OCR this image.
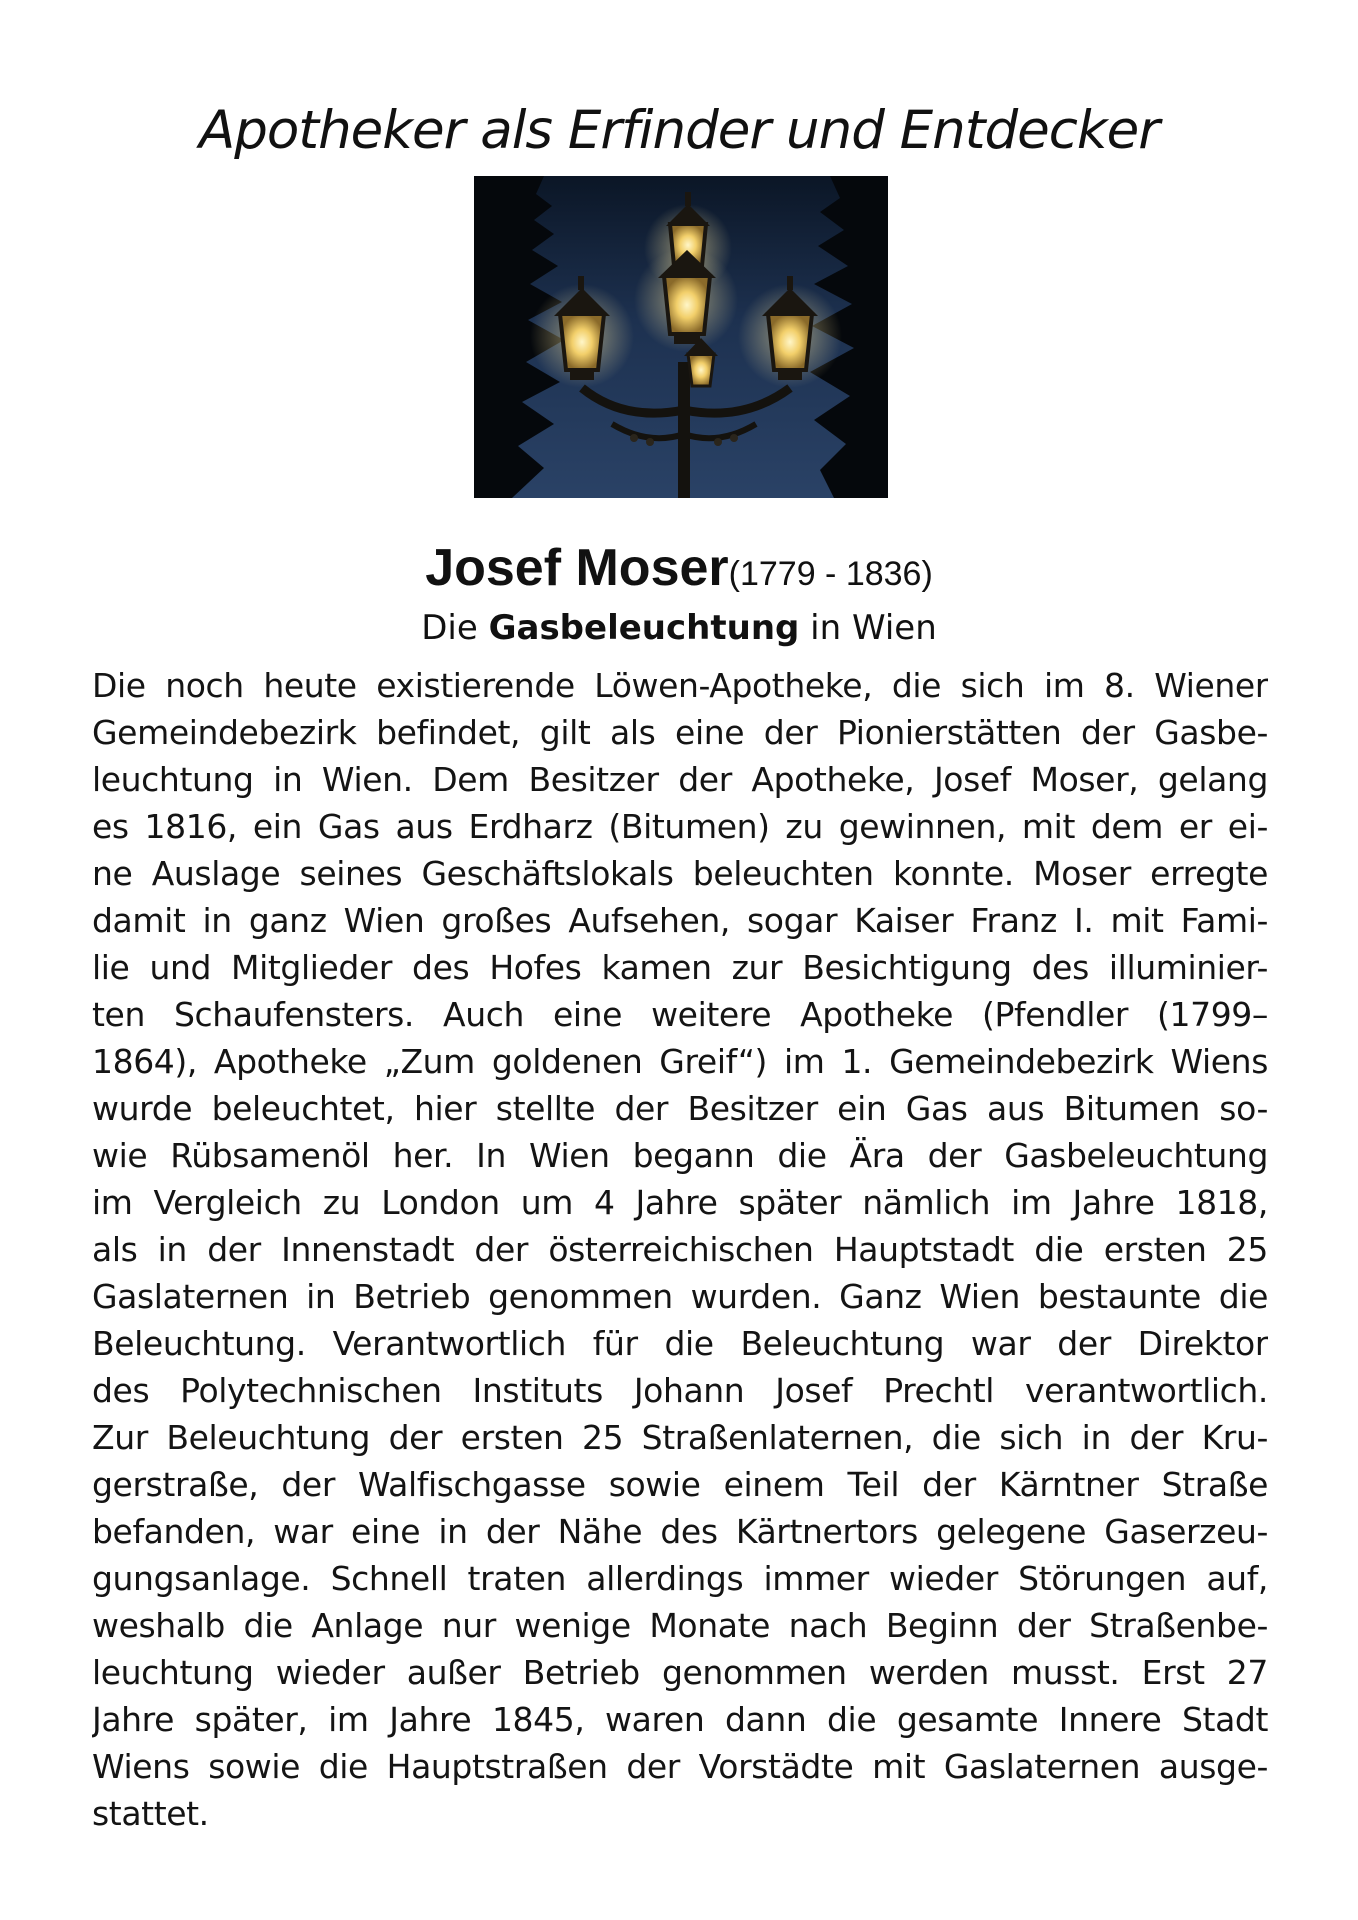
Apotheker als Erfinder und Entdecker
Josef Moser(1779 - 1836)
Die Gasbeleuchtung in Wien
Die noch heute existierende Löwen-Apotheke, die sich im 8. Wiener
Gemeindebezirk befindet, gilt als eine der Pionierstätten der Gasbe-
leuchtung in Wien. Dem Besitzer der Apotheke, Josef Moser, gelang
es 1816, ein Gas aus Erdharz (Bitumen) zu gewinnen, mit dem er ei-
ne Auslage seines Geschäftslokals beleuchten konnte. Moser erregte
damit in ganz Wien großes Aufsehen, sogar Kaiser Franz I. mit Fami-
lie und Mitglieder des Hofes kamen zur Besichtigung des illuminier-
ten Schaufensters. Auch eine weitere Apotheke (Pfendler (1799–
1864), Apotheke „Zum goldenen Greif“) im 1. Gemeindebezirk Wiens
wurde beleuchtet, hier stellte der Besitzer ein Gas aus Bitumen so-
wie Rübsamenöl her. In Wien begann die Ära der Gasbeleuchtung
im Vergleich zu London um 4 Jahre später nämlich im Jahre 1818,
als in der Innenstadt der österreichischen Hauptstadt die ersten 25
Gaslaternen in Betrieb genommen wurden. Ganz Wien bestaunte die
Beleuchtung. Verantwortlich für die Beleuchtung war der Direktor
des Polytechnischen Instituts Johann Josef Prechtl verantwortlich.
Zur Beleuchtung der ersten 25 Straßenlaternen, die sich in der Kru-
gerstraße, der Walfischgasse sowie einem Teil der Kärntner Straße
befanden, war eine in der Nähe des Kärtnertors gelegene Gaserzeu-
gungsanlage. Schnell traten allerdings immer wieder Störungen auf,
weshalb die Anlage nur wenige Monate nach Beginn der Straßenbe-
leuchtung wieder außer Betrieb genommen werden musst. Erst 27
Jahre später, im Jahre 1845, waren dann die gesamte Innere Stadt
Wiens sowie die Hauptstraßen der Vorstädte mit Gaslaternen ausge-
stattet.
